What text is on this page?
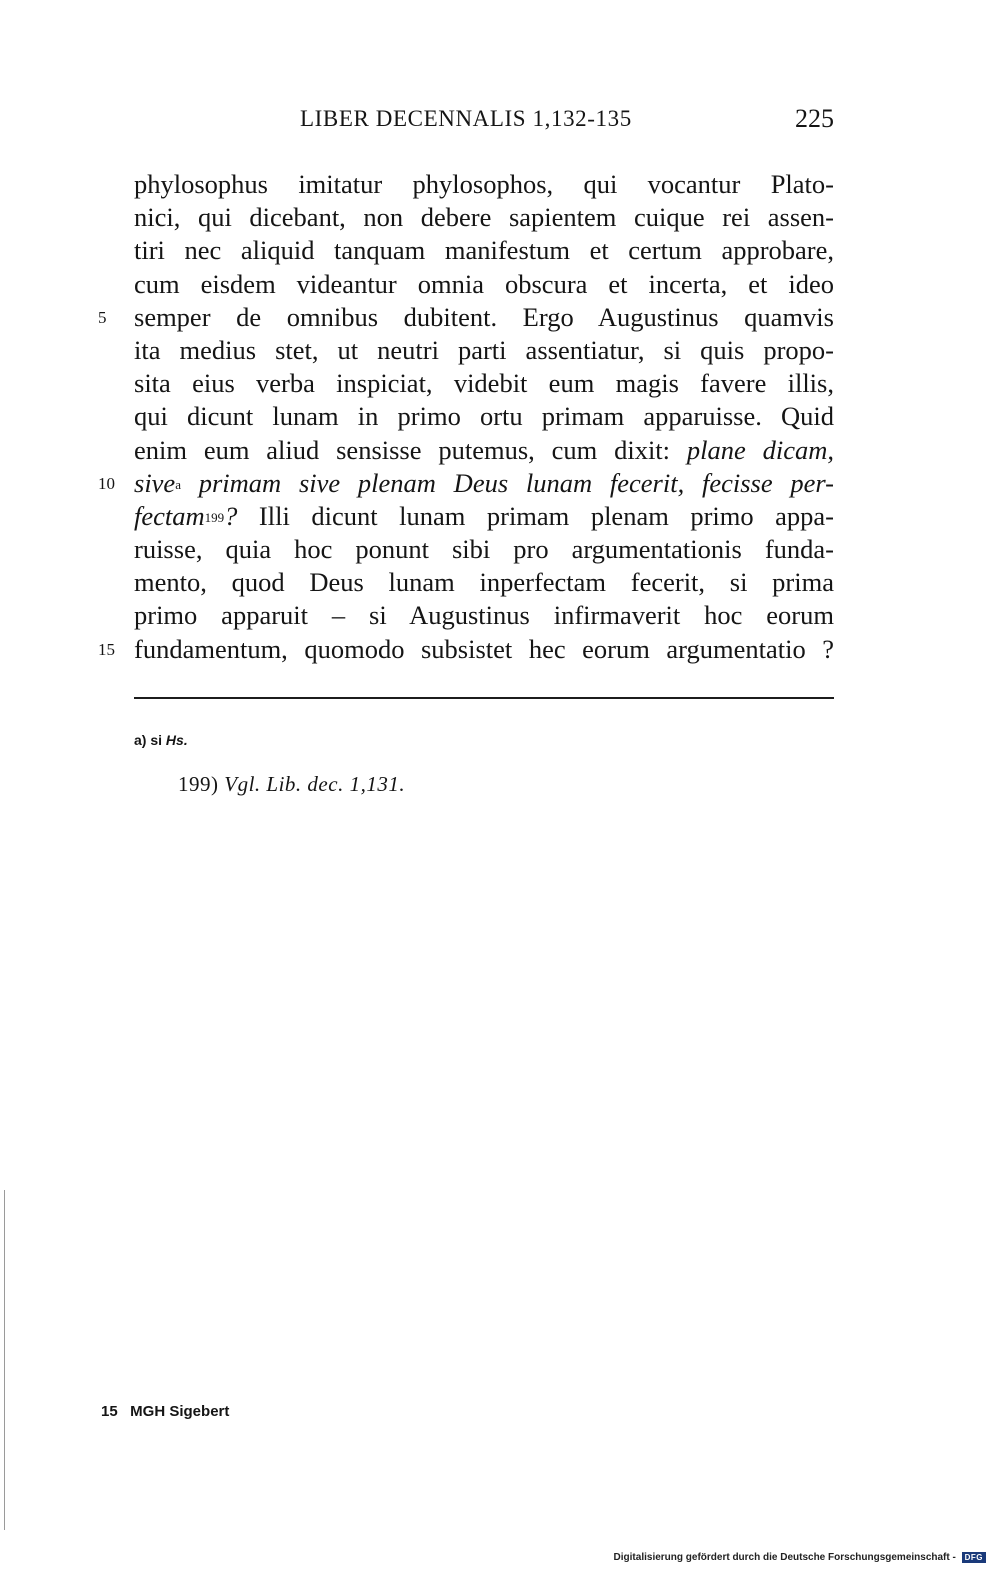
LIBER DECENNALIS 1,132-135	225
phylosophus imitatur phylosophos, qui vocantur Plato-
nici, qui dicebant, non debere sapientem cuique rei assen-
tiri nec aliquid tanquam manifestum et certum approbare,
cum eisdem videantur omnia obscura et incerta, et ideo
5	semper de omnibus dubitent. Ergo Augustinus quamvis
ita medius stet, ut neutri parti assentiatur, si quis propo-
sita eius verba inspiciat, videbit eum magis favere illis,
qui dicunt lunam in primo ortu primam apparuisse. Quid
enim eum aliud sensisse putemus, cum dixit: plane dicam,
10 sive$^a$ primam sive plenam Deus lunam fecerit, fecisse per-
fectam$^{199}$? Illi dicunt lunam primam plenam primo appa-
ruisse, quia hoc ponunt sibi pro argumentationis funda-
mento, quod Deus lunam inperfectam fecerit, si prima
primo apparuit – si Augustinus infirmaverit hoc eorum
15 fundamentum, quomodo subsistet hec eorum argumentatio ?
a) si Hs.
199) Vgl. Lib. dec. 1,131.
15   MGH Sigebert
Digitalisierung gefördert durch die Deutsche Forschungsgemeinschaft - DFG
